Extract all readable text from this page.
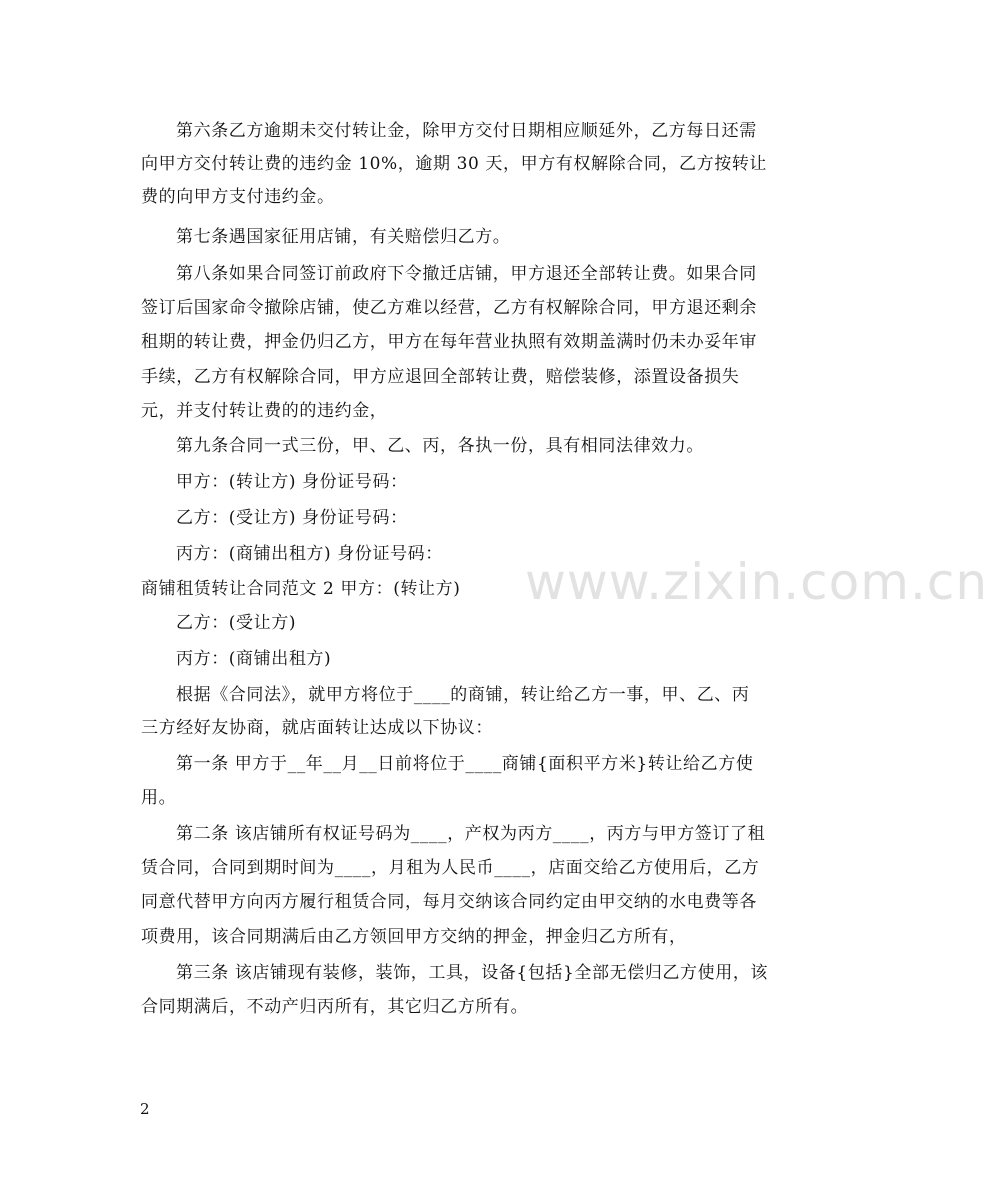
www.zixin.com.cn
第六条乙方逾期未交付转让金，除甲方交付日期相应顺延外，乙方每日还需
向甲方交付转让费的违约金 10%，逾期 30 天，甲方有权解除合同，乙方按转让
费的向甲方支付违约金。
第七条遇国家征用店铺，有关赔偿归乙方。
第八条如果合同签订前政府下令撤迁店铺，甲方退还全部转让费。如果合同
签订后国家命令撤除店铺，使乙方难以经营，乙方有权解除合同，甲方退还剩余
租期的转让费，押金仍归乙方，甲方在每年营业执照有效期盖满时仍未办妥年审
手续，乙方有权解除合同，甲方应退回全部转让费，赔偿装修，添置设备损失
元，并支付转让费的的违约金，
第九条合同一式三份，甲、乙、丙，各执一份，具有相同法律效力。
甲方：(转让方) 身份证号码：
乙方：(受让方) 身份证号码：
丙方：(商铺出租方) 身份证号码：
商铺租赁转让合同范文 2 甲方：(转让方)
乙方：(受让方)
丙方：(商铺出租方)
根据《合同法》，就甲方将位于____的商铺，转让给乙方一事，甲、乙、丙
三方经好友协商，就店面转让达成以下协议：
第一条 甲方于__年__月__日前将位于____商铺{面积平方米}转让给乙方使
用。
第二条 该店铺所有权证号码为____，产权为丙方____，丙方与甲方签订了租
赁合同，合同到期时间为____，月租为人民币____，店面交给乙方使用后，乙方
同意代替甲方向丙方履行租赁合同，每月交纳该合同约定由甲交纳的水电费等各
项费用，该合同期满后由乙方领回甲方交纳的押金，押金归乙方所有，
第三条 该店铺现有装修，装饰，工具，设备{包括}全部无偿归乙方使用，该
合同期满后，不动产归丙所有，其它归乙方所有。
2
